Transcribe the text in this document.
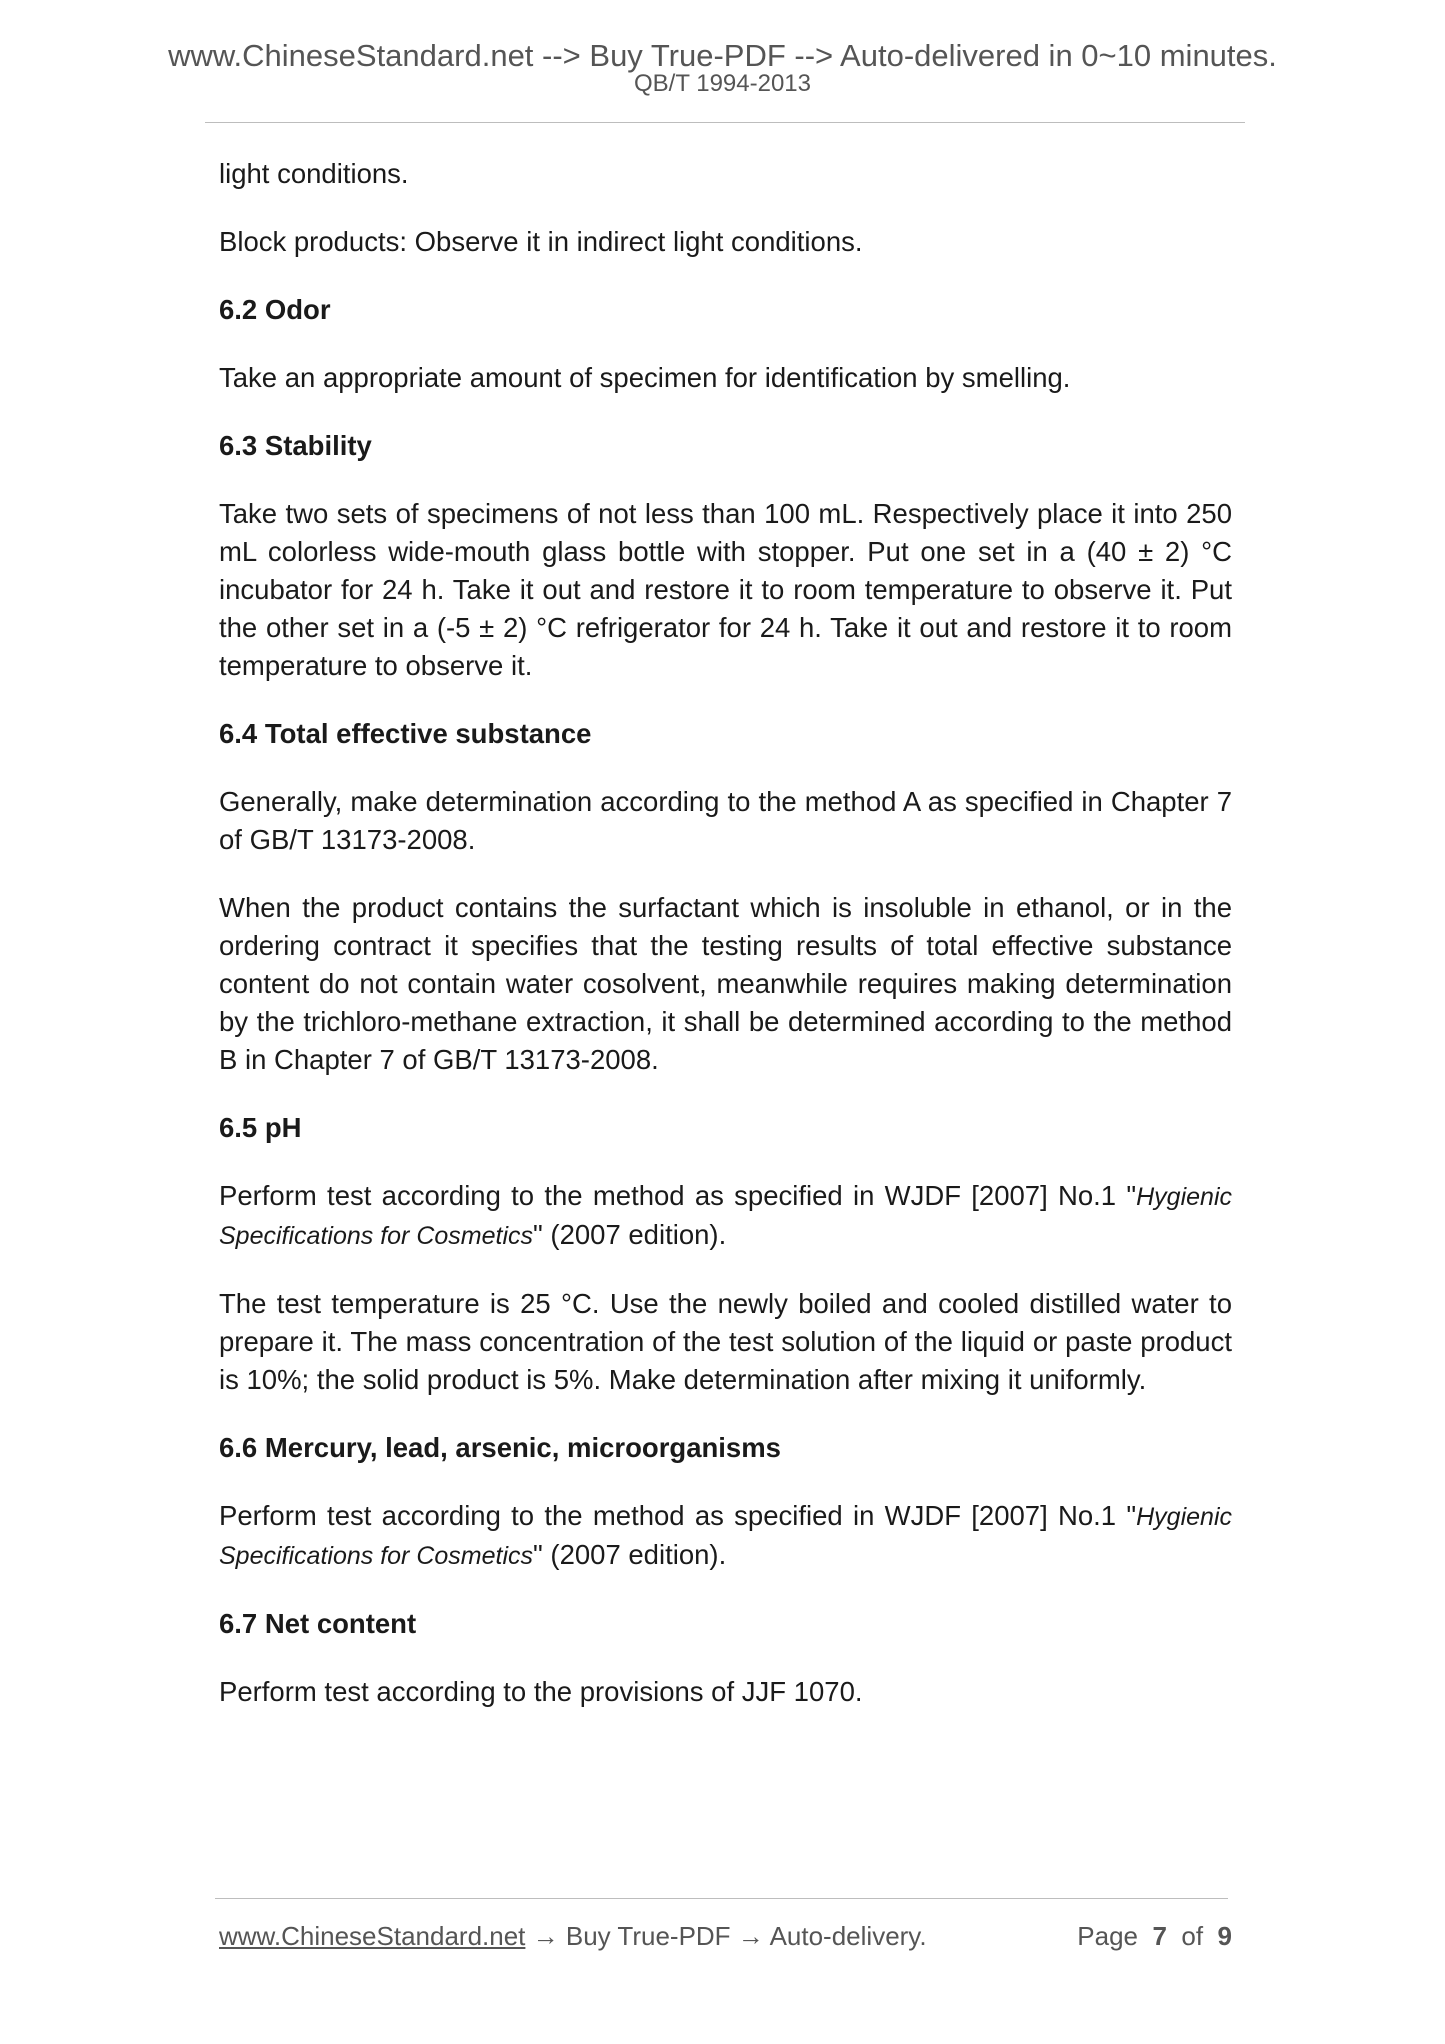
www.ChineseStandard.net --> Buy True-PDF --> Auto-delivered in 0~10 minutes.
QB/T 1994-2013

light conditions.

Block products: Observe it in indirect light conditions.

6.2 Odor

Take an appropriate amount of specimen for identification by smelling.

6.3 Stability

Take two sets of specimens of not less than 100 mL. Respectively place it into 250 mL colorless wide-mouth glass bottle with stopper. Put one set in a (40 ± 2) °C incubator for 24 h. Take it out and restore it to room temperature to observe it. Put the other set in a (-5 ± 2) °C refrigerator for 24 h. Take it out and restore it to room temperature to observe it.

6.4 Total effective substance

Generally, make determination according to the method A as specified in Chapter 7 of GB/T 13173-2008.

When the product contains the surfactant which is insoluble in ethanol, or in the ordering contract it specifies that the testing results of total effective substance content do not contain water cosolvent, meanwhile requires making determination by the trichloro-methane extraction, it shall be determined according to the method B in Chapter 7 of GB/T 13173-2008.

6.5 pH

Perform test according to the method as specified in WJDF [2007] No.1 "Hygienic Specifications for Cosmetics" (2007 edition).

The test temperature is 25 °C. Use the newly boiled and cooled distilled water to prepare it. The mass concentration of the test solution of the liquid or paste product is 10%; the solid product is 5%. Make determination after mixing it uniformly.

6.6 Mercury, lead, arsenic, microorganisms

Perform test according to the method as specified in WJDF [2007] No.1 "Hygienic Specifications for Cosmetics" (2007 edition).

6.7 Net content

Perform test according to the provisions of JJF 1070.

www.ChineseStandard.net → Buy True-PDF → Auto-delivery.	Page 7 of 9
